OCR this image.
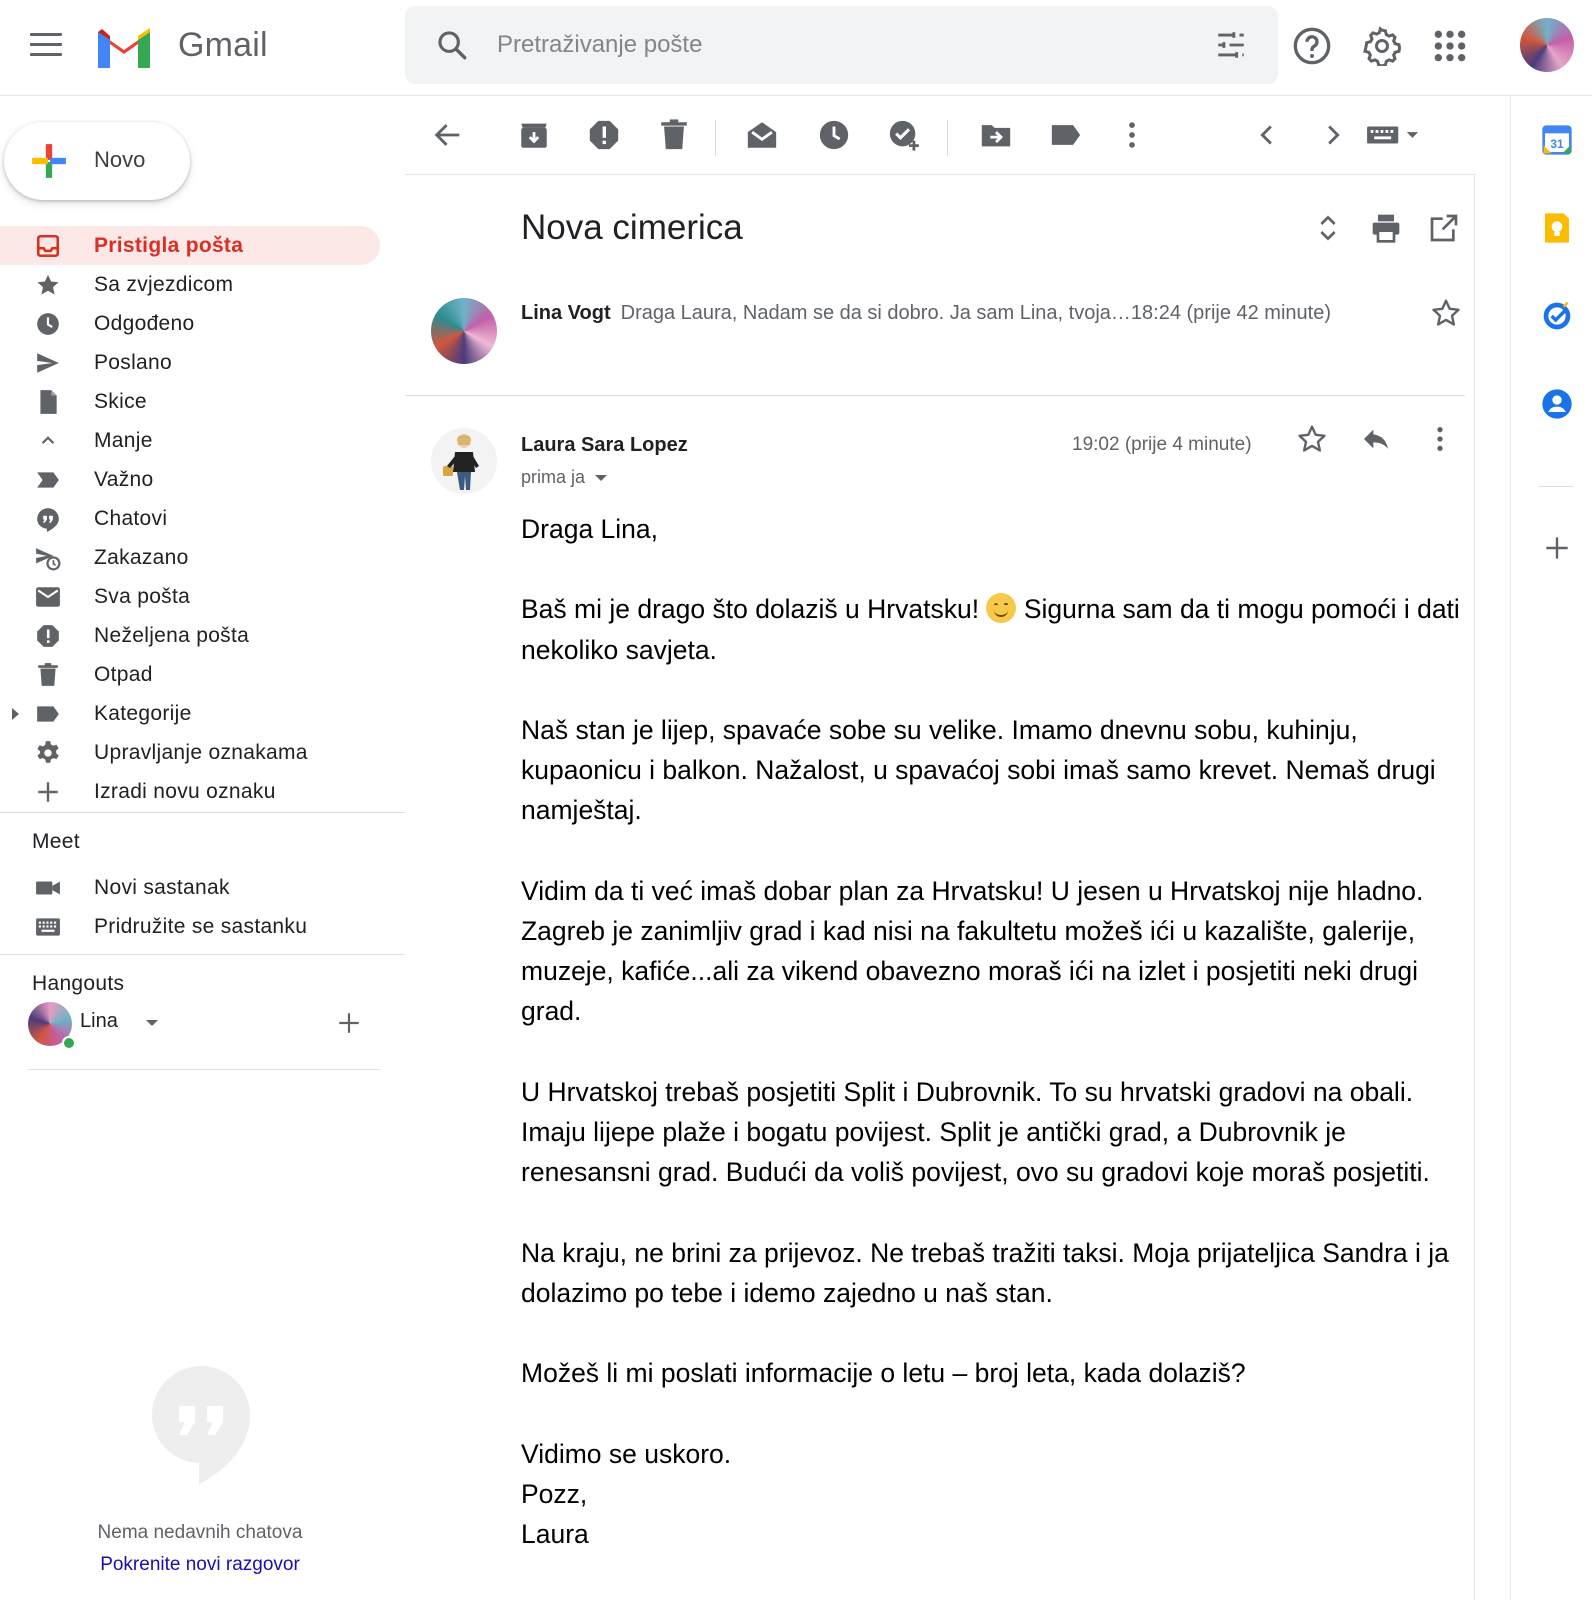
Gmail
Pretraživanje pošte
Novo
Pristigla pošta
Sa zvjezdicom
Odgođeno
Poslano
Skice
Manje
Važno
Chatovi
Zakazano
Sva pošta
Neželjena pošta
Otpad
Kategorije
Upravljanje oznakama
Izradi novu oznaku
Meet
Novi sastanak
Pridružite se sastanku
Hangouts
Lina
Nema nedavnih chatova
Pokrenite novi razgovor
Nova cimerica
Lina Vogt Draga Laura, Nadam se da si dobro. Ja sam Lina, tvoja…18:24 (prije 42 minute)
Laura Sara Lopez
prima ja
19:02 (prije 4 minute)

Draga Lina,

Baš mi je drago što dolaziš u Hrvatsku! Sigurna sam da ti mogu pomoći i dati nekoliko savjeta.

Naš stan je lijep, spavaće sobe su velike. Imamo dnevnu sobu, kuhinju, kupaonicu i balkon. Nažalost, u spavaćoj sobi imaš samo krevet. Nemaš drugi namještaj.

Vidim da ti već imaš dobar plan za Hrvatsku! U jesen u Hrvatskoj nije hladno. Zagreb je zanimljiv grad i kad nisi na fakultetu možeš ići u kazalište, galerije, muzeje, kafiće...ali za vikend obavezno moraš ići na izlet i posjetiti neki drugi grad.

U Hrvatskoj trebaš posjetiti Split i Dubrovnik. To su hrvatski gradovi na obali. Imaju lijepe plaže i bogatu povijest. Split je antički grad, a Dubrovnik je renesansni grad. Budući da voliš povijest, ovo su gradovi koje moraš posjetiti.

Na kraju, ne brini za prijevoz. Ne trebaš tražiti taksi. Moja prijateljica Sandra i ja dolazimo po tebe i idemo zajedno u naš stan.

Možeš li mi poslati informacije o letu – broj leta, kada dolaziš?

Vidimo se uskoro.

Pozz,

Laura

31
